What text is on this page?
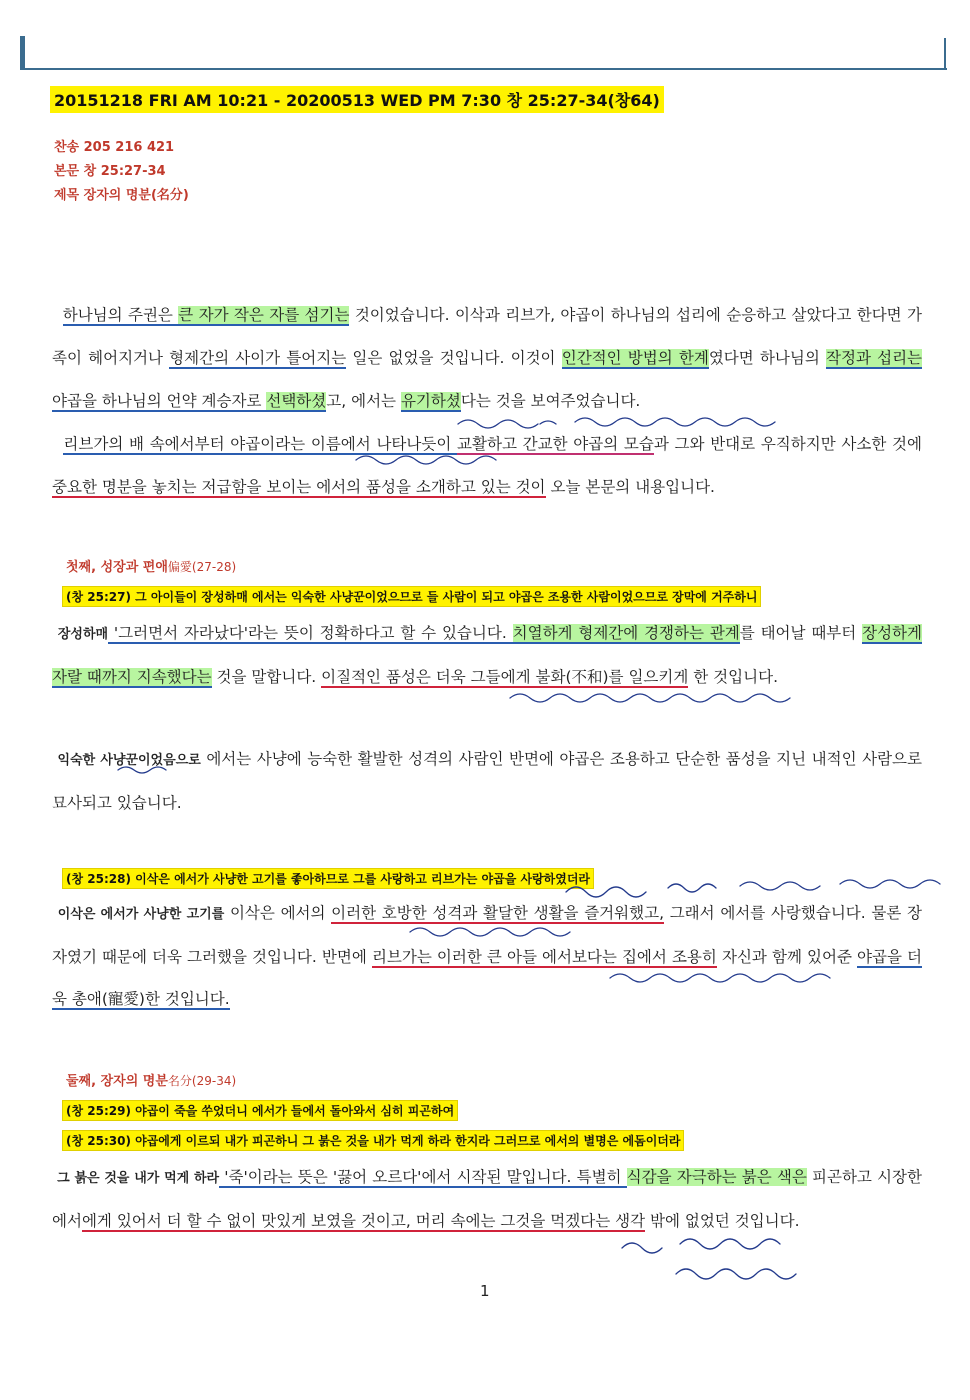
20151218 FRI AM 10:21 - 20200513 WED PM 7:30 창 25:27-34(창64)
찬송 205 216 421
본문 창 25:27-34
제목 장자의 명분(名分)

하나님의 주권은 큰 자가 작은 자를 섬기는 것이었습니다. 이삭과 리브가, 야곱이 하나님의 섭리에 순응하고 살았다고 한다면 가족이 헤어지거나 형제간의 사이가 틀어지는 일은 없었을 것입니다. 이것이 인간적인 방법의 한계였다면 하나님의 작정과 섭리는 야곱을 하나님의 언약 계승자로 선택하셨고, 에서는 유기하셨다는 것을 보여주었습니다.

리브가의 배 속에서부터 야곱이라는 이름에서 나타나듯이 교활하고 간교한 야곱의 모습과 그와 반대로 우직하지만 사소한 것에 중요한 명분을 놓치는 저급함을 보이는 에서의 품성을 소개하고 있는 것이 오늘 본문의 내용입니다.

첫째, 성장과 편애偏愛(27-28)
(창 25:27) 그 아이들이 장성하매 에서는 익숙한 사냥꾼이었으므로 들 사람이 되고 야곱은 조용한 사람이었으므로 장막에 거주하니

장성하매 '그러면서 자라났다'라는 뜻이 정확하다고 할 수 있습니다. 치열하게 형제간에 경쟁하는 관계를 태어날 때부터 장성하게 자랄 때까지 지속했다는 것을 말합니다. 이질적인 품성은 더욱 그들에게 불화(不和)를 일으키게 한 것입니다.

익숙한 사냥꾼이었음으로 에서는 사냥에 능숙한 활발한 성격의 사람인 반면에 야곱은 조용하고 단순한 품성을 지닌 내적인 사람으로 묘사되고 있습니다.

(창 25:28) 이삭은 에서가 사냥한 고기를 좋아하므로 그를 사랑하고 리브가는 야곱을 사랑하였더라

이삭은 에서가 사냥한 고기를 이삭은 에서의 이러한 호방한 성격과 활달한 생활을 즐거워했고, 그래서 에서를 사랑했습니다. 물론 장자였기 때문에 더욱 그러했을 것입니다. 반면에 리브가는 이러한 큰 아들 에서보다는 집에서 조용히 자신과 함께 있어준 야곱을 더욱 총애(寵愛)한 것입니다.

둘째, 장자의 명분名分(29-34)
(창 25:29) 야곱이 죽을 쑤었더니 에서가 들에서 돌아와서 심히 피곤하여
(창 25:30) 야곱에게 이르되 내가 피곤하니 그 붉은 것을 내가 먹게 하라 한지라 그러므로 에서의 별명은 에돔이더라

그 붉은 것을 내가 먹게 하라 '죽'이라는 뜻은 '끓어 오르다'에서 시작된 말입니다. 특별히 식감을 자극하는 붉은 색은 피곤하고 시장한 에서에게 있어서 더 할 수 없이 맛있게 보였을 것이고, 머리 속에는 그것을 먹겠다는 생각 밖에 없었던 것입니다.

1
